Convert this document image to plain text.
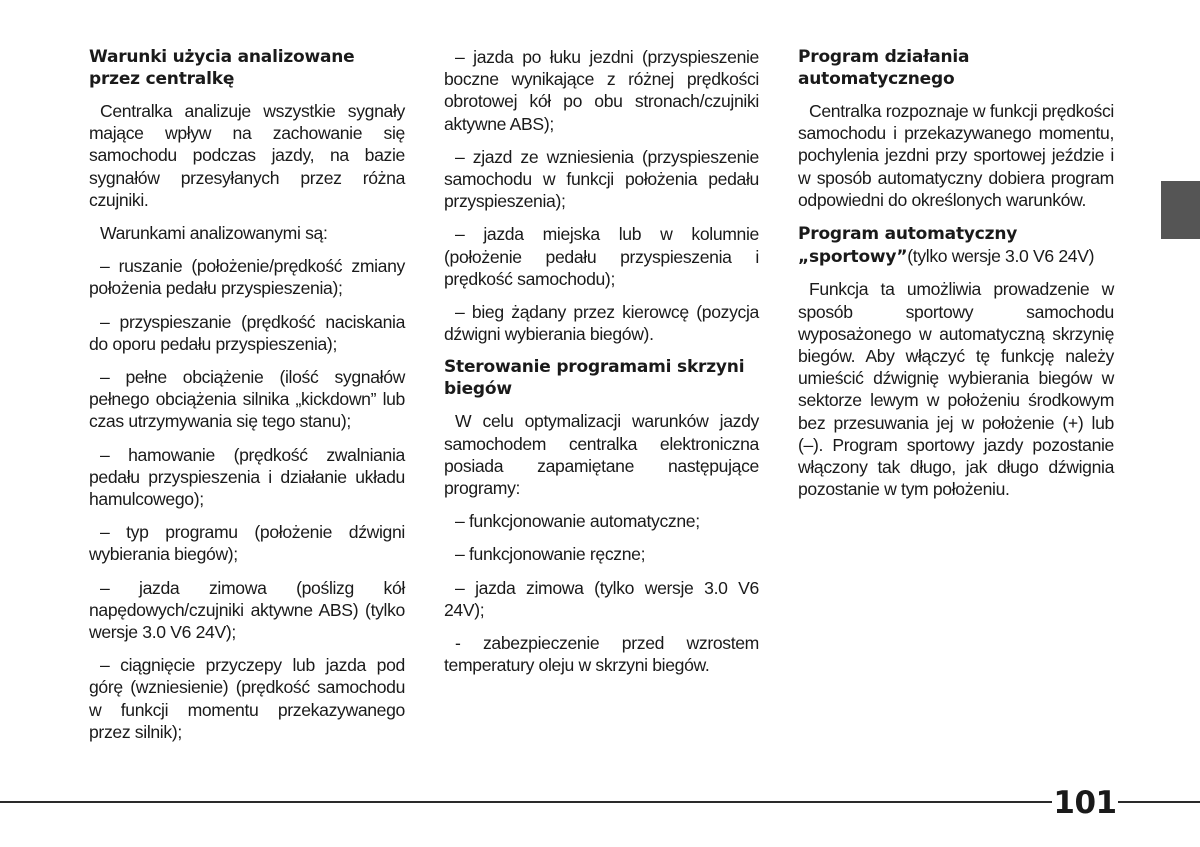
Warunki użycia analizowane przez centralkę

Centralka analizuje wszystkie sygnały mające wpływ na zachowanie się samochodu podczas jazdy, na bazie sygnałów przesyłanych przez różna czujniki.

Warunkami analizowanymi są:

– ruszanie (położenie/prędkość zmiany położenia pedału przyspieszenia);

– przyspieszanie (prędkość naciskania do oporu pedału przyspieszenia);

– pełne obciążenie (ilość sygnałów pełnego obciążenia silnika „kickdown” lub czas utrzymywania się tego stanu);

– hamowanie (prędkość zwalniania pedału przyspieszenia i działanie układu hamulcowego);

– typ programu (położenie dźwigni wybierania biegów);

– jazda zimowa (poślizg kół napędowych/czujniki aktywne ABS) (tylko wersje 3.0 V6 24V);

– ciągnięcie przyczepy lub jazda pod górę (wzniesienie) (prędkość samochodu w funkcji momentu przekazywanego przez silnik);

– jazda po łuku jezdni (przyspieszenie boczne wynikające z różnej prędkości obrotowej kół po obu stronach/czujniki aktywne ABS);

– zjazd ze wzniesienia (przyspieszenie samochodu w funkcji położenia pedału przyspieszenia);

– jazda miejska lub w kolumnie (położenie pedału przyspieszenia i prędkość samochodu);

– bieg żądany przez kierowcę (pozycja dźwigni wybierania biegów).

Sterowanie programami skrzyni biegów

W celu optymalizacji warunków jazdy samochodem centralka elektroniczna posiada zapamiętane następujące programy:

– funkcjonowanie automatyczne;

– funkcjonowanie ręczne;

– jazda zimowa (tylko wersje 3.0 V6 24V);

- zabezpieczenie przed wzrostem temperatury oleju w skrzyni biegów.

Program działania automatycznego

Centralka rozpoznaje w funkcji prędkości samochodu i przekazywanego momentu, pochylenia jezdni przy sportowej jeździe i w sposób automatyczny dobiera program odpowiedni do określonych warunków.

Program automatyczny
„sportowy”(tylko wersje 3.0 V6 24V)

Funkcja ta umożliwia prowadzenie w sposób sportowy samochodu wyposażonego w automatyczną skrzynię biegów. Aby włączyć tę funkcję należy umieścić dźwignię wybierania biegów w sektorze lewym w położeniu środkowym bez przesuwania jej w położenie (+) lub (–). Program sportowy jazdy pozostanie włączony tak długo, jak długo dźwignia pozostanie w tym położeniu.

101
